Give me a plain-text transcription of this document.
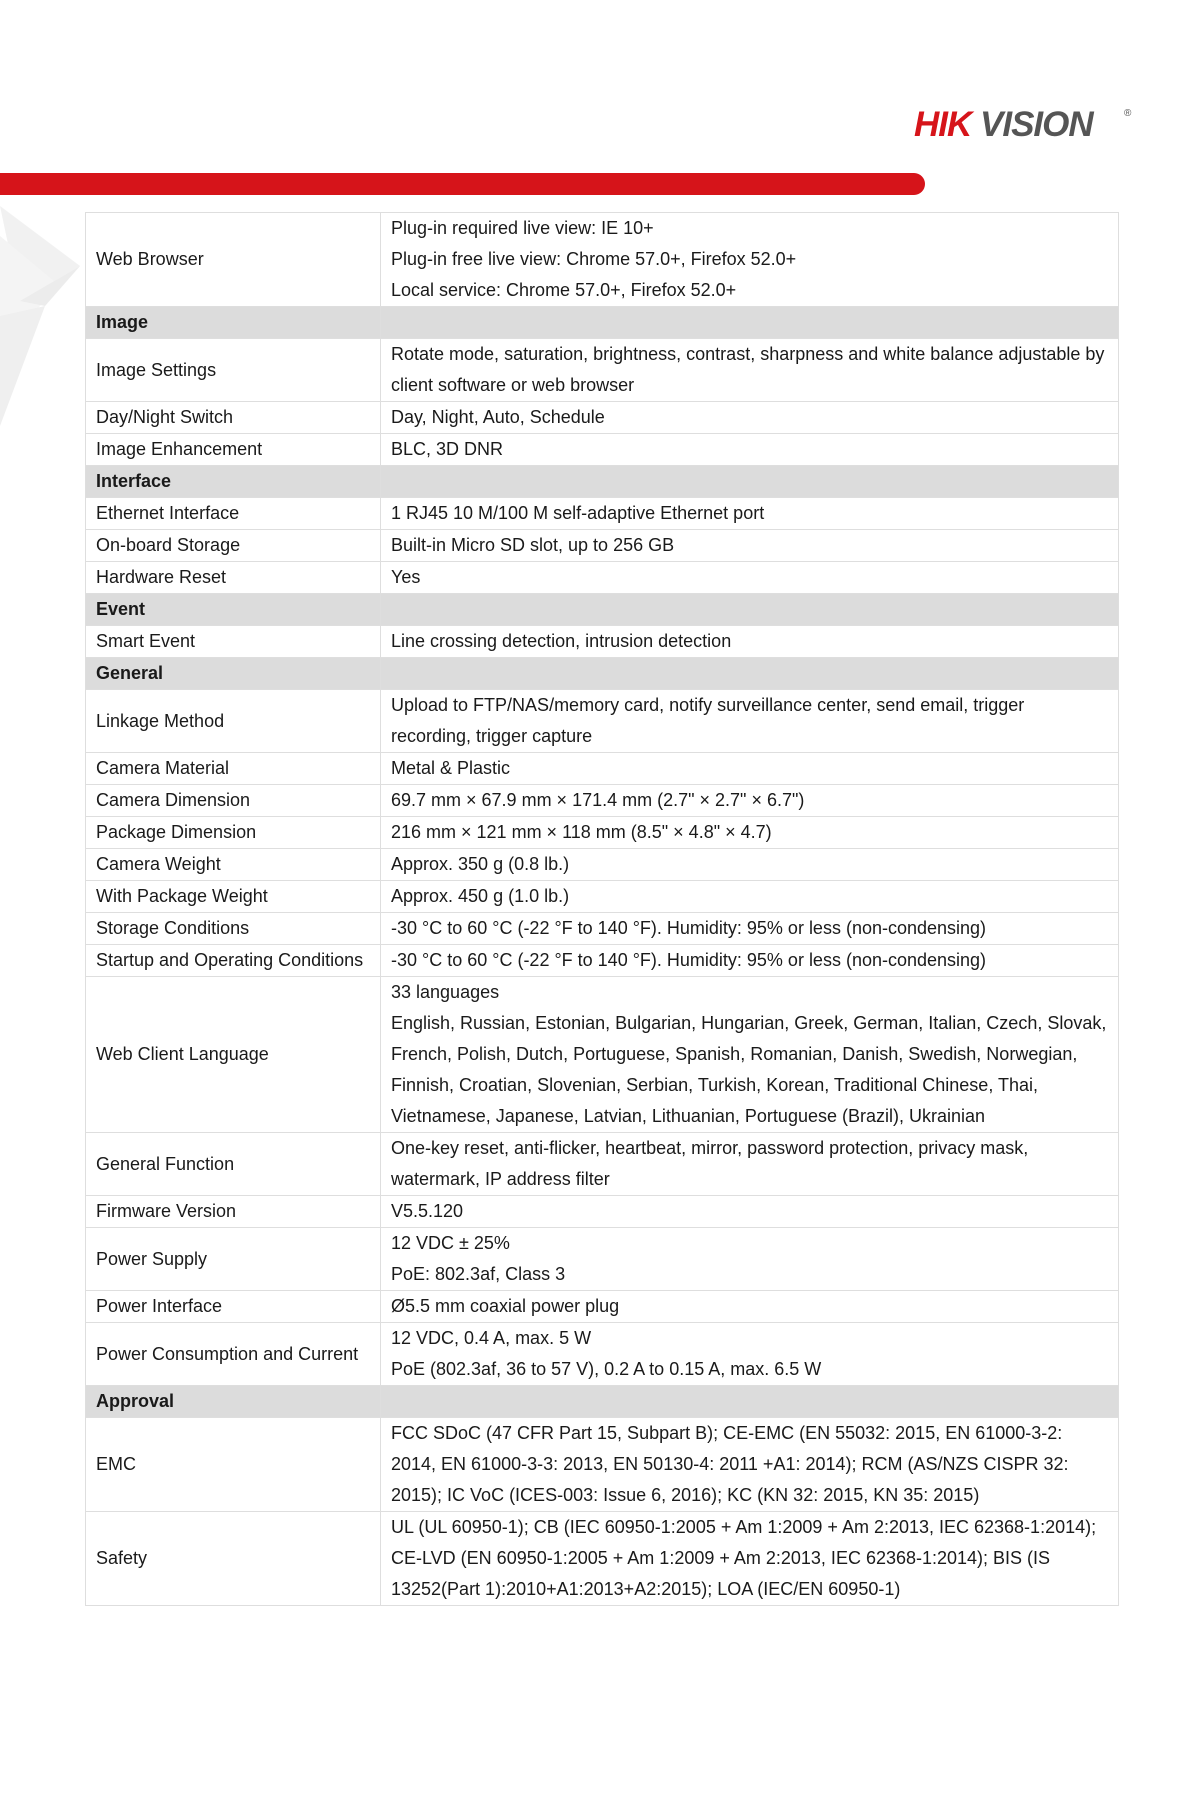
HIK VISION	®
Web Browser	Plug-in required live view: IE 10+
Plug-in free live view: Chrome 57.0+, Firefox 52.0+
Local service: Chrome 57.0+, Firefox 52.0+
Image	
Image Settings	Rotate mode, saturation, brightness, contrast, sharpness and white balance adjustable by client software or web browser
Day/Night Switch	Day, Night, Auto, Schedule
Image Enhancement	BLC, 3D DNR
Interface	
Ethernet Interface	1 RJ45 10 M/100 M self-adaptive Ethernet port
On-board Storage	Built-in Micro SD slot, up to 256 GB
Hardware Reset	Yes
Event	
Smart Event	Line crossing detection, intrusion detection
General	
Linkage Method	Upload to FTP/NAS/memory card, notify surveillance center, send email, trigger recording, trigger capture
Camera Material	Metal & Plastic
Camera Dimension	69.7 mm × 67.9 mm × 171.4 mm (2.7" × 2.7" × 6.7")
Package Dimension	216 mm × 121 mm × 118 mm (8.5" × 4.8" × 4.7)
Camera Weight	Approx. 350 g (0.8 lb.)
With Package Weight	Approx. 450 g (1.0 lb.)
Storage Conditions	-30 °C to 60 °C (-22 °F to 140 °F). Humidity: 95% or less (non-condensing)
Startup and Operating Conditions	-30 °C to 60 °C (-22 °F to 140 °F). Humidity: 95% or less (non-condensing)
Web Client Language	33 languages
English, Russian, Estonian, Bulgarian, Hungarian, Greek, German, Italian, Czech, Slovak, French, Polish, Dutch, Portuguese, Spanish, Romanian, Danish, Swedish, Norwegian, Finnish, Croatian, Slovenian, Serbian, Turkish, Korean, Traditional Chinese, Thai, Vietnamese, Japanese, Latvian, Lithuanian, Portuguese (Brazil), Ukrainian
General Function	One-key reset, anti-flicker, heartbeat, mirror, password protection, privacy mask, watermark, IP address filter
Firmware Version	V5.5.120
Power Supply	12 VDC ± 25%
PoE: 802.3af, Class 3
Power Interface	Ø5.5 mm coaxial power plug
Power Consumption and Current	12 VDC, 0.4 A, max. 5 W
PoE (802.3af, 36 to 57 V), 0.2 A to 0.15 A, max. 6.5 W
Approval	
EMC	FCC SDoC (47 CFR Part 15, Subpart B); CE-EMC (EN 55032: 2015, EN 61000-3-2: 2014, EN 61000-3-3: 2013, EN 50130-4: 2011 +A1: 2014); RCM (AS/NZS CISPR 32: 2015); IC VoC (ICES-003: Issue 6, 2016); KC (KN 32: 2015, KN 35: 2015)
Safety	UL (UL 60950-1); CB (IEC 60950-1:2005 + Am 1:2009 + Am 2:2013, IEC 62368-1:2014); CE-LVD (EN 60950-1:2005 + Am 1:2009 + Am 2:2013, IEC 62368-1:2014); BIS (IS 13252(Part 1):2010+A1:2013+A2:2015); LOA (IEC/EN 60950-1)
